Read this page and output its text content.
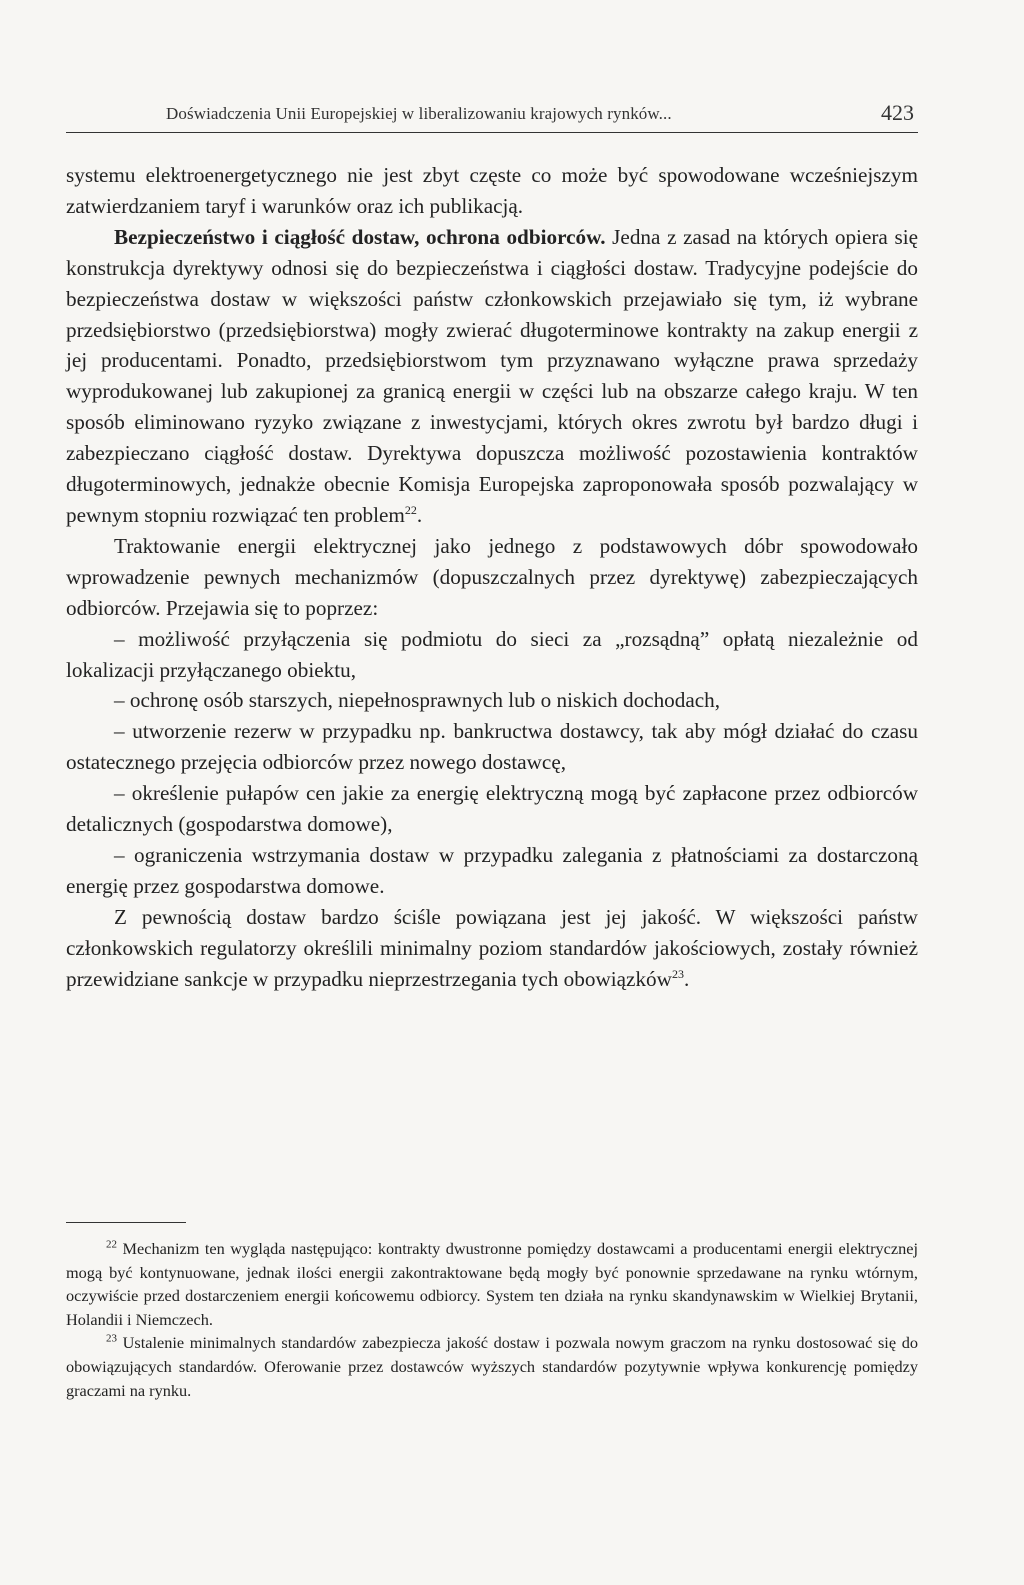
Doświadczenia Unii Europejskiej w liberalizowaniu krajowych rynków...	423

systemu elektroenergetycznego nie jest zbyt częste co może być spowodowane wcześniejszym zatwierdzaniem taryf i warunków oraz ich publikacją.

Bezpieczeństwo i ciągłość dostaw, ochrona odbiorców. Jedna z zasad na których opiera się konstrukcja dyrektywy odnosi się do bezpieczeństwa i ciągłości dostaw. Tradycyjne podejście do bezpieczeństwa dostaw w większości państw członkowskich przejawiało się tym, iż wybrane przedsiębiorstwo (przedsiębiorstwa) mogły zwierać długoterminowe kontrakty na zakup energii z jej producentami. Ponadto, przedsiębiorstwom tym przyznawano wyłączne prawa sprzedaży wyprodukowanej lub zakupionej za granicą energii w części lub na obszarze całego kraju. W ten sposób eliminowano ryzyko związane z inwestycjami, których okres zwrotu był bardzo długi i zabezpieczano ciągłość dostaw. Dyrektywa dopuszcza możliwość pozostawienia kontraktów długoterminowych, jednakże obecnie Komisja Europejska zaproponowała sposób pozwalający w pewnym stopniu rozwiązać ten problem$^{22}$.

Traktowanie energii elektrycznej jako jednego z podstawowych dóbr spowodowało wprowadzenie pewnych mechanizmów (dopuszczalnych przez dyrektywę) zabezpieczających odbiorców. Przejawia się to poprzez:

– możliwość przyłączenia się podmiotu do sieci za „rozsądną” opłatą niezależnie od lokalizacji przyłączanego obiektu,

– ochronę osób starszych, niepełnosprawnych lub o niskich dochodach,

– utworzenie rezerw w przypadku np. bankructwa dostawcy, tak aby mógł działać do czasu ostatecznego przejęcia odbiorców przez nowego dostawcę,

– określenie pułapów cen jakie za energię elektryczną mogą być zapłacone przez odbiorców detalicznych (gospodarstwa domowe),

– ograniczenia wstrzymania dostaw w przypadku zalegania z płatnościami za dostarczoną energię przez gospodarstwa domowe.

Z pewnością dostaw bardzo ściśle powiązana jest jej jakość. W większości państw członkowskich regulatorzy określili minimalny poziom standardów jakościowych, zostały również przewidziane sankcje w przypadku nieprzestrzegania tych obowiązków$^{23}$.

$^{22}$ Mechanizm ten wygląda następująco: kontrakty dwustronne pomiędzy dostawcami a producentami energii elektrycznej mogą być kontynuowane, jednak ilości energii zakontraktowane będą mogły być ponownie sprzedawane na rynku wtórnym, oczywiście przed dostarczeniem energii końcowemu odbiorcy. System ten działa na rynku skandynawskim w Wielkiej Brytanii, Holandii i Niemczech.

$^{23}$ Ustalenie minimalnych standardów zabezpiecza jakość dostaw i pozwala nowym graczom na rynku dostosować się do obowiązujących standardów. Oferowanie przez dostawców wyższych standardów pozytywnie wpływa konkurencję pomiędzy graczami na rynku.
